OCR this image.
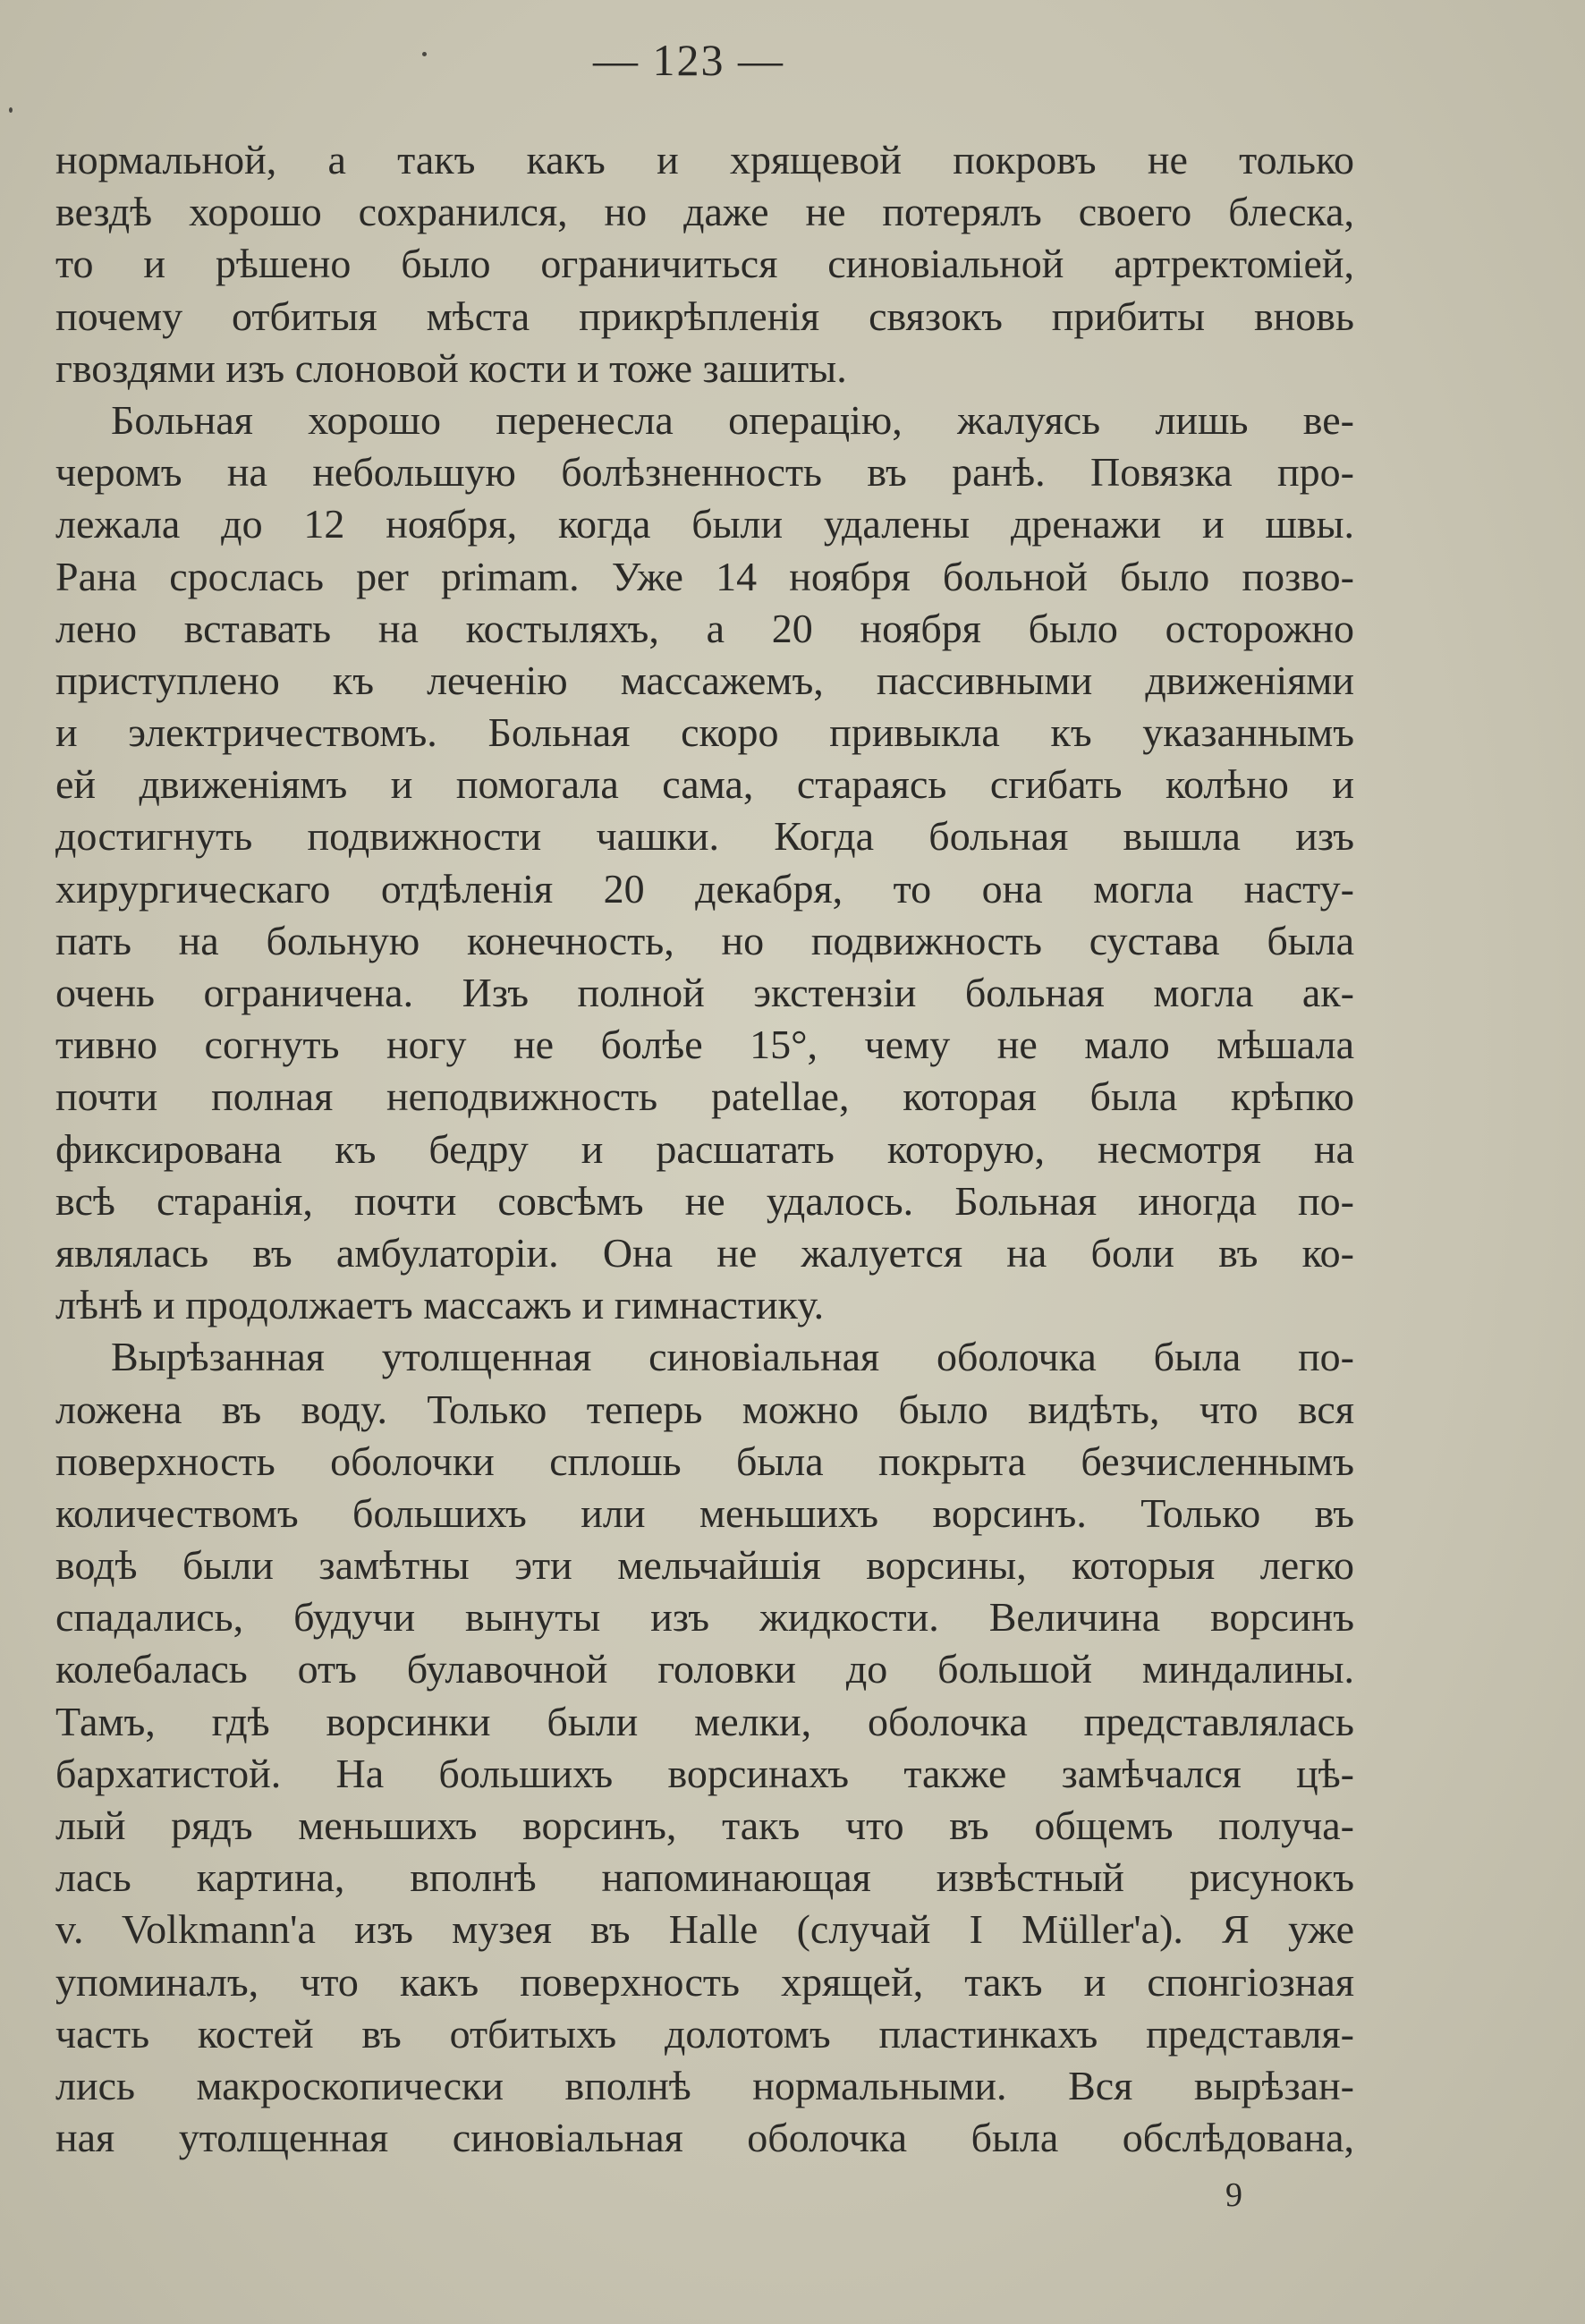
— 123 —
нормальной, а такъ какъ и хрящевой покровъ не только
вездѣ хорошо сохранился, но даже не потерялъ своего блеска,
то и рѣшено было ограничиться синовіальной артректоміей,
почему отбитыя мѣста прикрѣпленія связокъ прибиты вновь
гвоздями изъ слоновой кости и тоже зашиты.
Больная хорошо перенесла операцію, жалуясь лишь ве-
черомъ на небольшую болѣзненность въ ранѣ. Повязка про-
лежала до 12 ноября, когда были удалены дренажи и швы.
Рана срослась per primam. Уже 14 ноября больной было позво-
лено вставать на костыляхъ, а 20 ноября было осторожно
приступлено къ леченію массажемъ, пассивными движеніями
и электричествомъ. Больная скоро привыкла къ указаннымъ
ей движеніямъ и помогала сама, стараясь сгибать колѣно и
достигнуть подвижности чашки. Когда больная вышла изъ
хирургическаго отдѣленія 20 декабря, то она могла насту-
пать на больную конечность, но подвижность сустава была
очень ограничена. Изъ полной экстензіи больная могла ак-
тивно согнуть ногу не болѣе 15°, чему не мало мѣшала
почти полная неподвижность patellae, которая была крѣпко
фиксирована къ бедру и расшатать которую, несмотря на
всѣ старанія, почти совсѣмъ не удалось. Больная иногда по-
являлась въ амбулаторіи. Она не жалуется на боли въ ко-
лѣнѣ и продолжаетъ массажъ и гимнастику.
Вырѣзанная утолщенная синовіальная оболочка была по-
ложена въ воду. Только теперь можно было видѣть, что вся
поверхность оболочки сплошь была покрыта безчисленнымъ
количествомъ большихъ или меньшихъ ворсинъ. Только въ
водѣ были замѣтны эти мельчайшія ворсины, которыя легко
спадались, будучи вынуты изъ жидкости. Величина ворсинъ
колебалась отъ булавочной головки до большой миндалины.
Тамъ, гдѣ ворсинки были мелки, оболочка представлялась
бархатистой. На большихъ ворсинахъ также замѣчался цѣ-
лый рядъ меньшихъ ворсинъ, такъ что въ общемъ получа-
лась картина, вполнѣ напоминающая извѣстный рисунокъ
v. Volkmann'a изъ музея въ Halle (случай I Müller'a). Я уже
упоминалъ, что какъ поверхность хрящей, такъ и спонгіозная
часть костей въ отбитыхъ долотомъ пластинкахъ представля-
лись макроскопически вполнѣ нормальными. Вся вырѣзан-
ная утолщенная синовіальная оболочка была обслѣдована,
9
